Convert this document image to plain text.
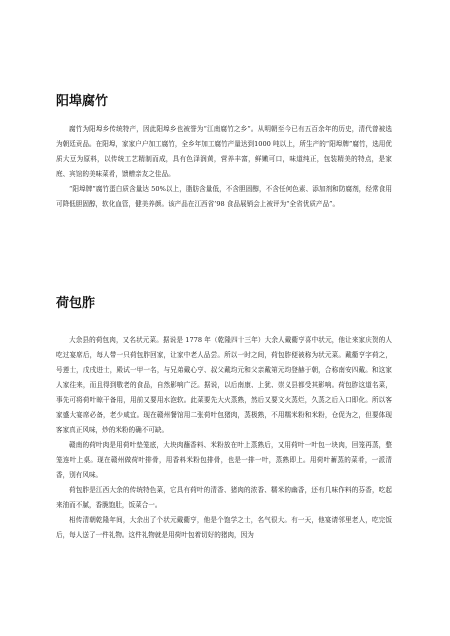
阳埠腐竹

腐竹为阳埠乡传统特产，因此阳埠乡也被誉为“江南腐竹之乡”。从明朝至今已有五百余年的历史，清代曾被选为朝廷贡品。在阳埠，家家户户加工腐竹，全乡年加工腐竹产量达到1000 吨以上，所生产的“阳埠牌”腐竹，选用优质大豆为原料，以传统工艺精制而成，具有色泽润黄，营养丰富，鲜嫩可口，味道纯正，包装精美的特点，是家庭、宾馆的美味菜肴，馈赠亲友之佳品。

“阳埠牌”腐竹蛋白质含量达 50%以上，脂肪含量低，不含胆固醇，不含任何色素、添加剂和防腐剂，经常食用可降低胆固醇，软化血管，健美养颜。该产品在江西省’98 食品展销会上被评为“全省优质产品”。

荷包胙

大余县的荷包肉，又名状元菜。据说是 1778 年（乾隆四十三年）大余人戴衢亨喜中状元，他让来家庆贺的人吃过宴席后，每人带一只荷包胙回家，让家中老人品尝。所以一时之间，荷包胙便被称为状元菜。戴衢亨字荷之，号莲士，戊戌进士，殿试一甲一名，与兄弟戴心亨、叔父戴均元和父亲戴第元均登赫于朝，合称南安四戴。和这家人家往来，而且得到敬老的食品，自然影响广泛。据说，以后南康、上犹、崇义县都受其影响。荷包胙这道名菜，事先可将荷叶晾干备用，用前又要用水泡软。此菜要先大火蒸熟，然后又要文火蒸烂，久蒸之后入口即化。所以客家盛大宴席必备，老少咸宜。现在赣州餐馆用二张荷叶包猪肉，蒸极熟，不用糯米粉和米粉，仓促为之，但要体现客家真正风味，炒的米粉的确不可缺。

赣南的荷叶肉是用荷叶垫笼底，大块肉蘸香料、米粉放在叶上蒸熟后，又用荷叶一叶包一块肉，回笼再蒸，整笼连叶上桌。现在赣州做荷叶排骨，用香料米粉包排骨，也是一排一叶，蒸熟即上。用荷叶蓄蒸的菜肴，一派清香，别有风味。

荷包胙是江西大余的传统特色菜，它具有荷叶的清香、猪肉的浓香、糯米的幽香，还有几味作料的芬香，吃起来油而不腻，香脆饱肚，饭菜合一。

相传清朝乾隆年间，大余出了个状元戴衢亨，他是个饱学之士，名气很大。有一天，他宴请邻里老人，吃完饭后，每人送了一件礼物。这件礼物就是用荷叶包着切好的猪肉，因为
